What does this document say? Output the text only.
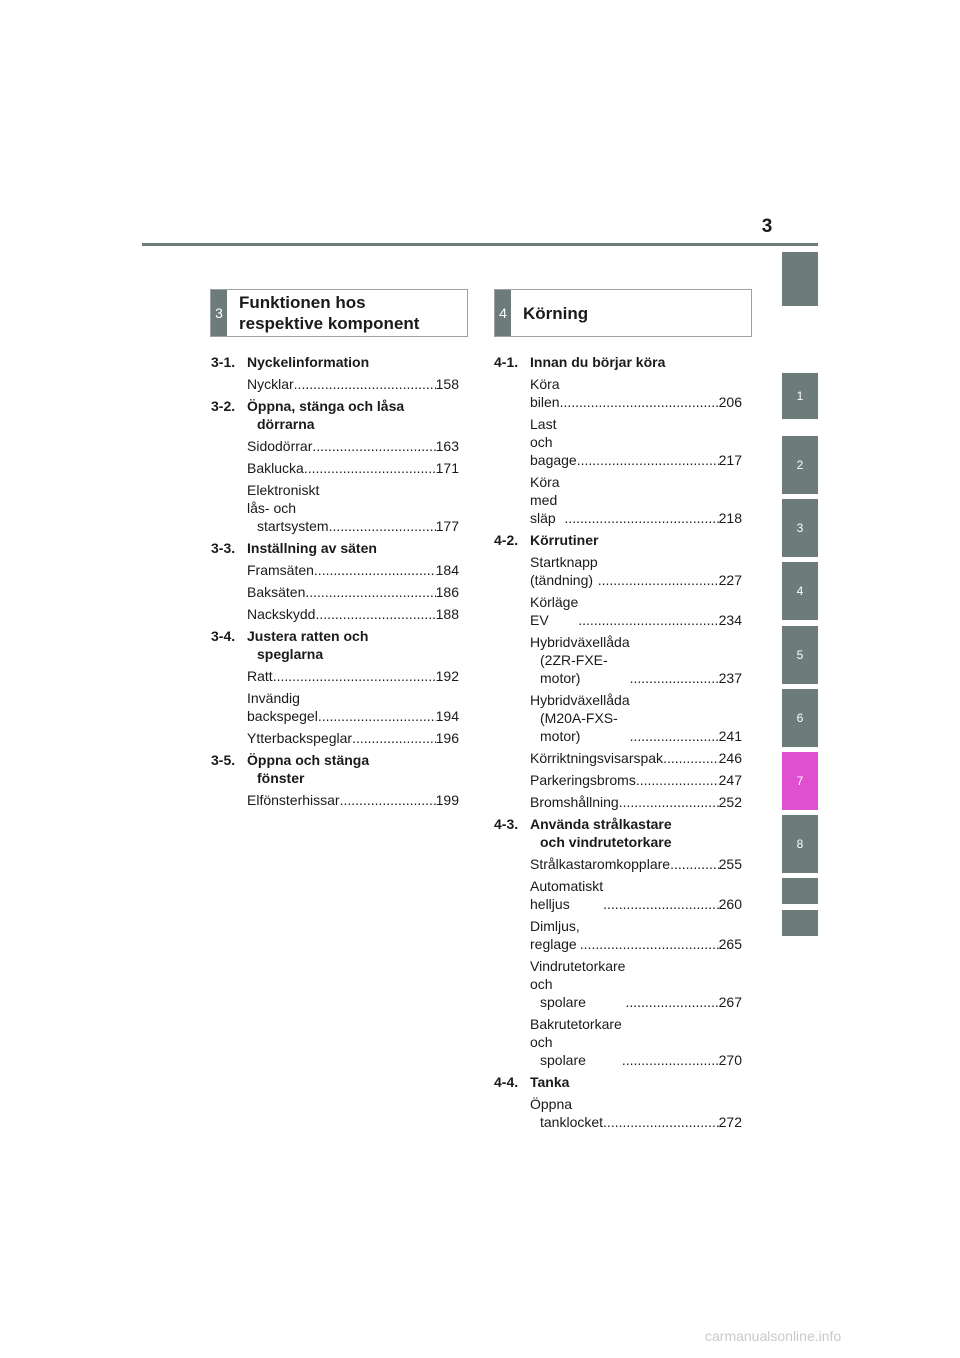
3
1
2
3
4
5
6
7
8
3
Funktionen hos
respektive komponent
4 Körning
3-1. Nyckelinformation
Nycklar .....	158
3-2. Öppna, stänga och låsa
dörrarna
Sidodörrar .....	163
Baklucka .....	171
Elektroniskt lås- och
startsystem .....	177
3-3. Inställning av säten
Framsäten .....	184
Baksäten .....	186
Nackskydd .....	188
3-4. Justera ratten och
speglarna
Ratt .....	192
Invändig backspegel .....	194
Ytterbackspeglar .....	196
3-5. Öppna och stänga
fönster
Elfönsterhissar .....	199
4-1. Innan du börjar köra
Köra bilen .....	206
Last och bagage .....	217
Köra med släp .....	218
4-2. Körrutiner
Startknapp (tändning) .....	227
Körläge EV .....	234
Hybridväxellåda
(2ZR-FXE-motor) .....	237
Hybridväxellåda
(M20A-FXS-motor) .....	241
Körriktningsvisarspak .....	246
Parkeringsbroms .....	247
Bromshållning .....	252
4-3. Använda strålkastare
och vindrutetorkare
Strålkastaromkopplare .....	255
Automatiskt helljus .....	260
Dimljus, reglage .....	265
Vindrutetorkare och
spolare .....	267
Bakrutetorkare och
spolare .....	270
4-4. Tanka
Öppna
tanklocket .....	272
carmanualsonline.info
